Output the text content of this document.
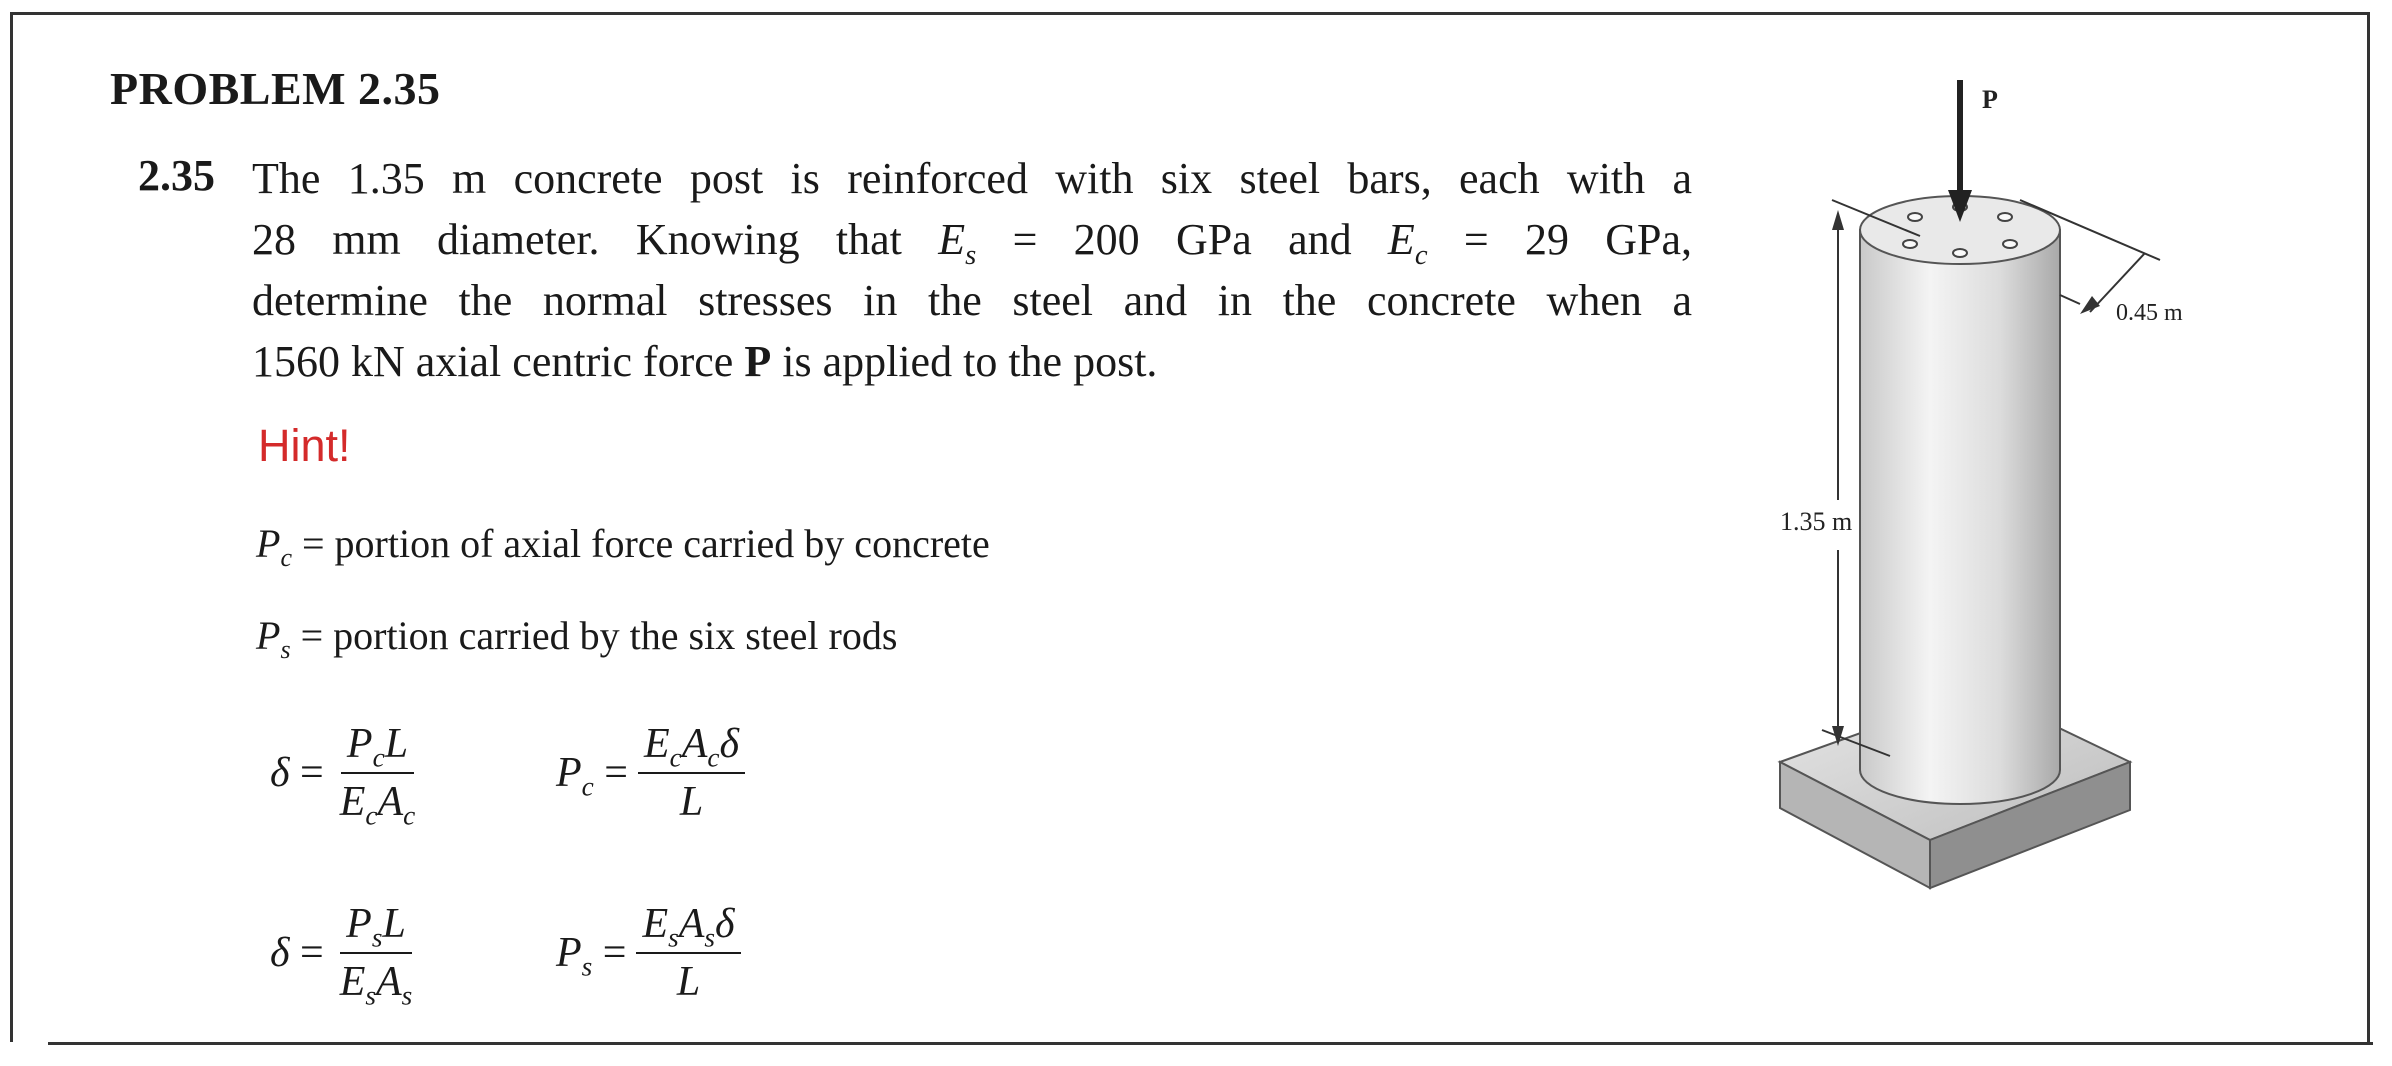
PROBLEM 2.35
2.35 The 1.35 m concrete post is reinforced with six steel bars, each with a
28 mm diameter. Knowing that $E_s = 200$ GPa and $E_c = 29$ GPa,
determine the normal stresses in the steel and in the concrete when a
1560 kN axial centric force P is applied to the post.
Hint!
$P_c$ = portion of axial force carried by concrete
$P_s$ = portion carried by the six steel rods
δ
= $\frac{P_cL}{E_cA_c}$	$P_c$
= $\frac{E_cA_c\delta}{L}$
δ
= $\frac{P_sL}{E_sA_s}$	$P_s$
= $\frac{E_sA_s\delta}{L}$
P
1.35 m
0.45 m
